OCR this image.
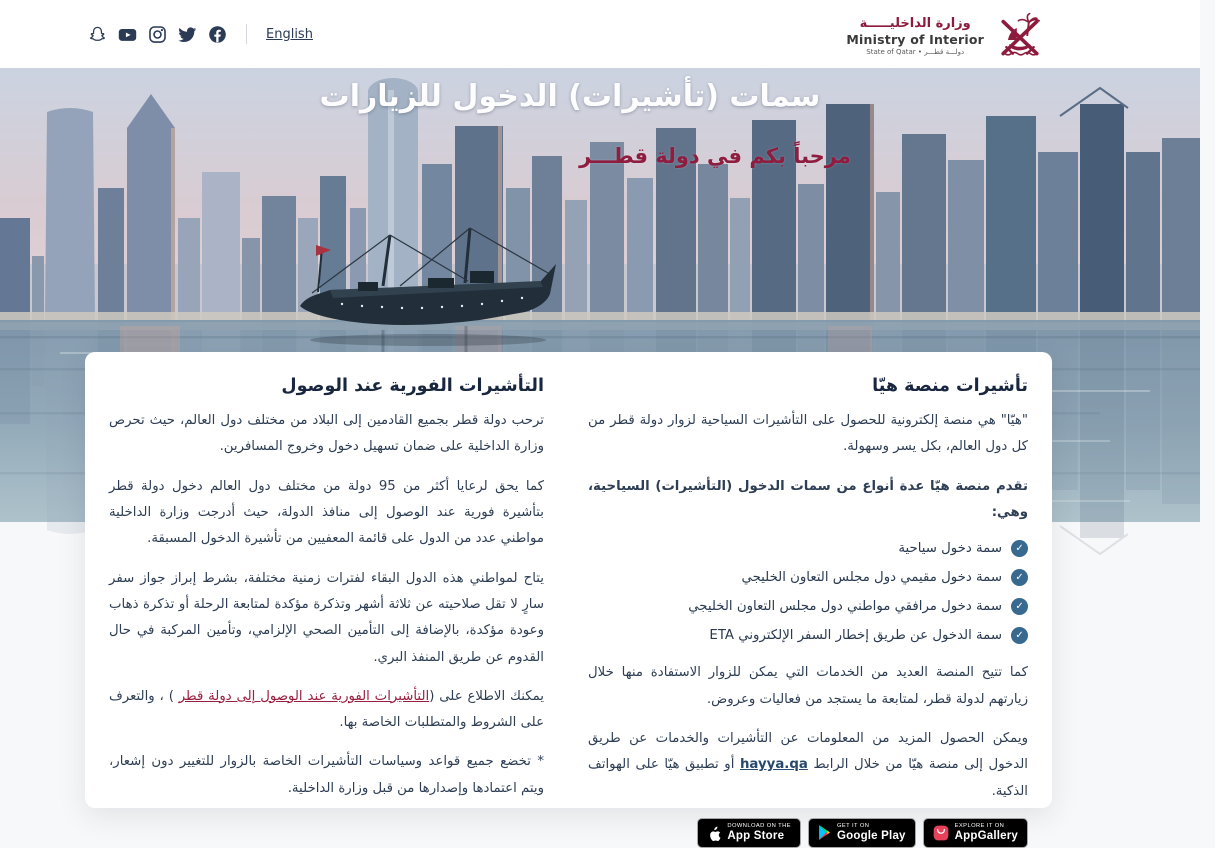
English
وزارة الداخليـــــة
Ministry of Interior
State of Qatar • دولـــة قطـــر
سمات (تأشيرات) الدخول للزيارات
مرحباً بكم في دولة قطـــر
تأشيرات منصة هيّا

"هيّا" هي منصة إلكترونية للحصول على التأشيرات السياحية لزوار دولة قطر من كل دول العالم، بكل يسر وسهولة.

تقدم منصة هيّا عدة أنواع من سمات الدخول (التأشيرات) السياحية، وهي:

✓
سمة دخول سياحية
✓
سمة دخول مقيمي دول مجلس التعاون الخليجي
✓
سمة دخول مرافقي مواطني دول مجلس التعاون الخليجي
✓
سمة الدخول عن طريق إخطار السفر الإلكتروني ETA

كما تتيح المنصة العديد من الخدمات التي يمكن للزوار الاستفادة منها خلال زيارتهم لدولة قطر، لمتابعة ما يستجد من فعاليات وعروض.

ويمكن الحصول المزيد من المعلومات عن التأشيرات والخدمات عن طريق الدخول إلى منصة هيّا من خلال الرابط hayya.qa أو تطبيق هيّا على الهواتف الذكية.

EXPLORE IT ON
AppGallery
GET IT ON
Google Play
DOWNLOAD ON THE
App Store
التأشيرات الفورية عند الوصول

ترحب دولة قطر بجميع القادمين إلى البلاد من مختلف دول العالم، حيث تحرص وزارة الداخلية على ضمان تسهيل دخول وخروج المسافرين.

كما يحق لرعايا أكثر من 95 دولة من مختلف دول العالم دخول دولة قطر بتأشيرة فورية عند الوصول إلى منافذ الدولة، حيث أدرجت وزارة الداخلية مواطني عدد من الدول على قائمة المعفيين من تأشيرة الدخول المسبقة.

يتاح لمواطني هذه الدول البقاء لفترات زمنية مختلفة، بشرط إبراز جواز سفر سارٍ لا تقل صلاحيته عن ثلاثة أشهر وتذكرة مؤكدة لمتابعة الرحلة أو تذكرة ذهاب وعودة مؤكدة، بالإضافة إلى التأمين الصحي الإلزامي، وتأمين المركبة في حال القدوم عن طريق المنفذ البري.

يمكنك الاطلاع على (التأشيرات الفورية عند الوصول إلى دولة قطر ) ، والتعرف على الشروط والمتطلبات الخاصة بها.

* تخضع جميع قواعد وسياسات التأشيرات الخاصة بالزوار للتغيير دون إشعار، ويتم اعتمادها وإصدارها من قبل وزارة الداخلية.
